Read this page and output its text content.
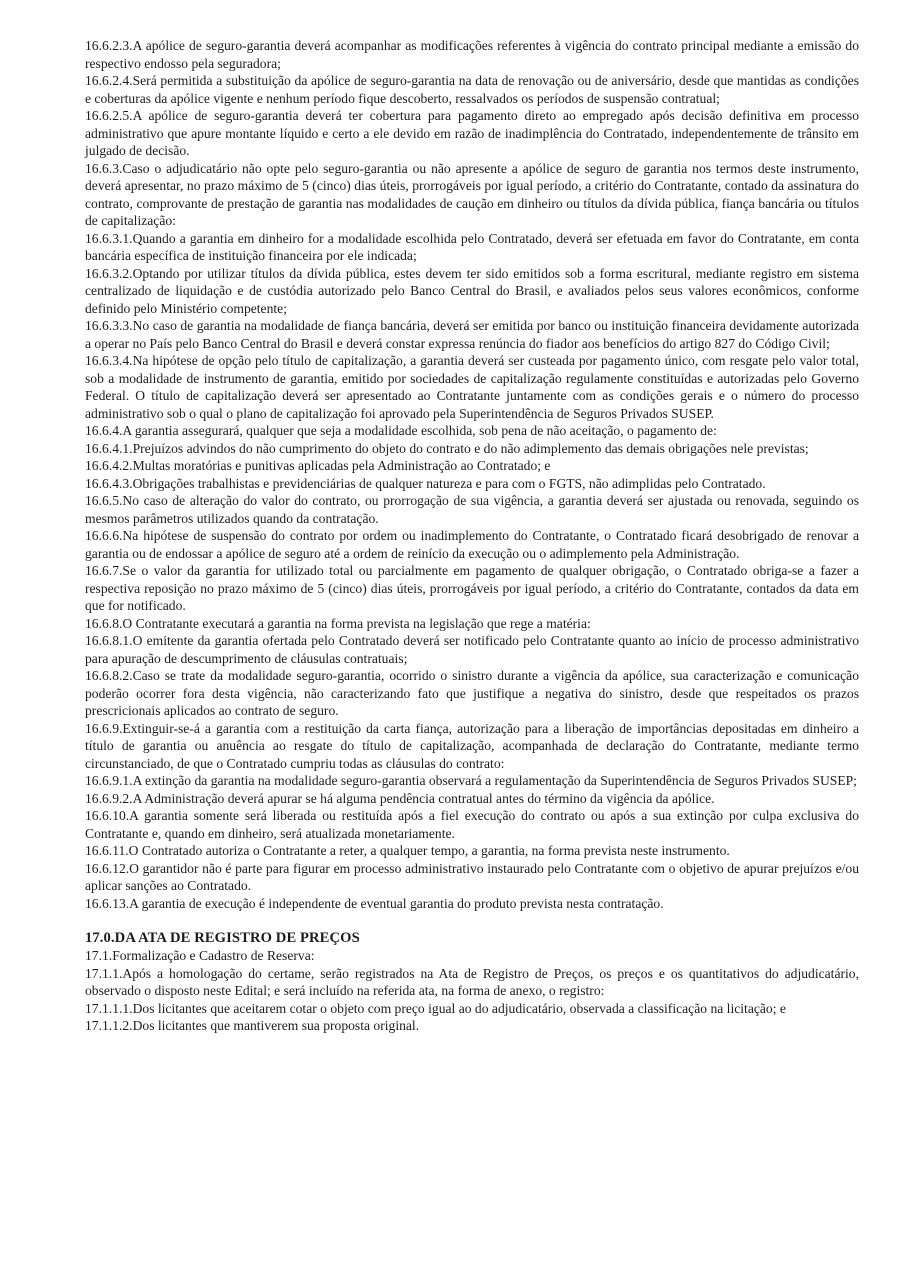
16.6.2.3.A apólice de seguro-garantia deverá acompanhar as modificações referentes à vigência do contrato principal mediante a emissão do respectivo endosso pela seguradora;

16.6.2.4.Será permitida a substituição da apólice de seguro-garantia na data de renovação ou de aniversário, desde que mantidas as condições e coberturas da apólice vigente e nenhum período fique descoberto, ressalvados os períodos de suspensão contratual;

16.6.2.5.A apólice de seguro-garantia deverá ter cobertura para pagamento direto ao empregado após decisão definitiva em processo administrativo que apure montante líquido e certo a ele devido em razão de inadimplência do Contratado, independentemente de trânsito em julgado de decisão.

16.6.3.Caso o adjudicatário não opte pelo seguro-garantia ou não apresente a apólice de seguro de garantia nos termos deste instrumento, deverá apresentar, no prazo máximo de 5 (cinco) dias úteis, prorrogáveis por igual período, a critério do Contratante, contado da assinatura do contrato, comprovante de prestação de garantia nas modalidades de caução em dinheiro ou títulos da dívida pública, fiança bancária ou títulos de capitalização:

16.6.3.1.Quando a garantia em dinheiro for a modalidade escolhida pelo Contratado, deverá ser efetuada em favor do Contratante, em conta bancária específica de instituição financeira por ele indicada;

16.6.3.2.Optando por utilizar títulos da dívida pública, estes devem ter sido emitidos sob a forma escritural, mediante registro em sistema centralizado de liquidação e de custódia autorizado pelo Banco Central do Brasil, e avaliados pelos seus valores econômicos, conforme definido pelo Ministério competente;

16.6.3.3.No caso de garantia na modalidade de fiança bancária, deverá ser emitida por banco ou instituição financeira devidamente autorizada a operar no País pelo Banco Central do Brasil e deverá constar expressa renúncia do fiador aos benefícios do artigo 827 do Código Civil;

16.6.3.4.Na hipótese de opção pelo título de capitalização, a garantia deverá ser custeada por pagamento único, com resgate pelo valor total, sob a modalidade de instrumento de garantia, emitido por sociedades de capitalização regulamente constituídas e autorizadas pelo Governo Federal. O título de capitalização deverá ser apresentado ao Contratante juntamente com as condições gerais e o número do processo administrativo sob o qual o plano de capitalização foi aprovado pela Superintendência de Seguros Privados SUSEP.

16.6.4.A garantia assegurará, qualquer que seja a modalidade escolhida, sob pena de não aceitação, o pagamento de:

16.6.4.1.Prejuízos advindos do não cumprimento do objeto do contrato e do não adimplemento das demais obrigações nele previstas;

16.6.4.2.Multas moratórias e punitivas aplicadas pela Administração ao Contratado; e

16.6.4.3.Obrigações trabalhistas e previdenciárias de qualquer natureza e para com o FGTS, não adimplidas pelo Contratado.

16.6.5.No caso de alteração do valor do contrato, ou prorrogação de sua vigência, a garantia deverá ser ajustada ou renovada, seguindo os mesmos parâmetros utilizados quando da contratação.

16.6.6.Na hipótese de suspensão do contrato por ordem ou inadimplemento do Contratante, o Contratado ficará desobrigado de renovar a garantia ou de endossar a apólice de seguro até a ordem de reinício da execução ou o adimplemento pela Administração.

16.6.7.Se o valor da garantia for utilizado total ou parcialmente em pagamento de qualquer obrigação, o Contratado obriga-se a fazer a respectiva reposição no prazo máximo de 5 (cinco) dias úteis, prorrogáveis por igual período, a critério do Contratante, contados da data em que for notificado.

16.6.8.O Contratante executará a garantia na forma prevista na legislação que rege a matéria:

16.6.8.1.O emitente da garantia ofertada pelo Contratado deverá ser notificado pelo Contratante quanto ao início de processo administrativo para apuração de descumprimento de cláusulas contratuais;

16.6.8.2.Caso se trate da modalidade seguro-garantia, ocorrido o sinistro durante a vigência da apólice, sua caracterização e comunicação poderão ocorrer fora desta vigência, não caracterizando fato que justifique a negativa do sinistro, desde que respeitados os prazos prescricionais aplicados ao contrato de seguro.

16.6.9.Extinguir-se-á a garantia com a restituição da carta fiança, autorização para a liberação de importâncias depositadas em dinheiro a título de garantia ou anuência ao resgate do título de capitalização, acompanhada de declaração do Contratante, mediante termo circunstanciado, de que o Contratado cumpriu todas as cláusulas do contrato:

16.6.9.1.A extinção da garantia na modalidade seguro-garantia observará a regulamentação da Superintendência de Seguros Privados SUSEP;

16.6.9.2.A Administração deverá apurar se há alguma pendência contratual antes do término da vigência da apólice.

16.6.10.A garantia somente será liberada ou restituída após a fiel execução do contrato ou após a sua extinção por culpa exclusiva do Contratante e, quando em dinheiro, será atualizada monetariamente.

16.6.11.O Contratado autoriza o Contratante a reter, a qualquer tempo, a garantia, na forma prevista neste instrumento.

16.6.12.O garantidor não é parte para figurar em processo administrativo instaurado pelo Contratante com o objetivo de apurar prejuízos e/ou aplicar sanções ao Contratado.

16.6.13.A garantia de execução é independente de eventual garantia do produto prevista nesta contratação.

17.0.DA ATA DE REGISTRO DE PREÇOS

17.1.Formalização e Cadastro de Reserva:

17.1.1.Após a homologação do certame, serão registrados na Ata de Registro de Preços, os preços e os quantitativos do adjudicatário, observado o disposto neste Edital; e será incluído na referida ata, na forma de anexo, o registro:

17.1.1.1.Dos licitantes que aceitarem cotar o objeto com preço igual ao do adjudicatário, observada a classificação na licitação; e

17.1.1.2.Dos licitantes que mantiverem sua proposta original.
